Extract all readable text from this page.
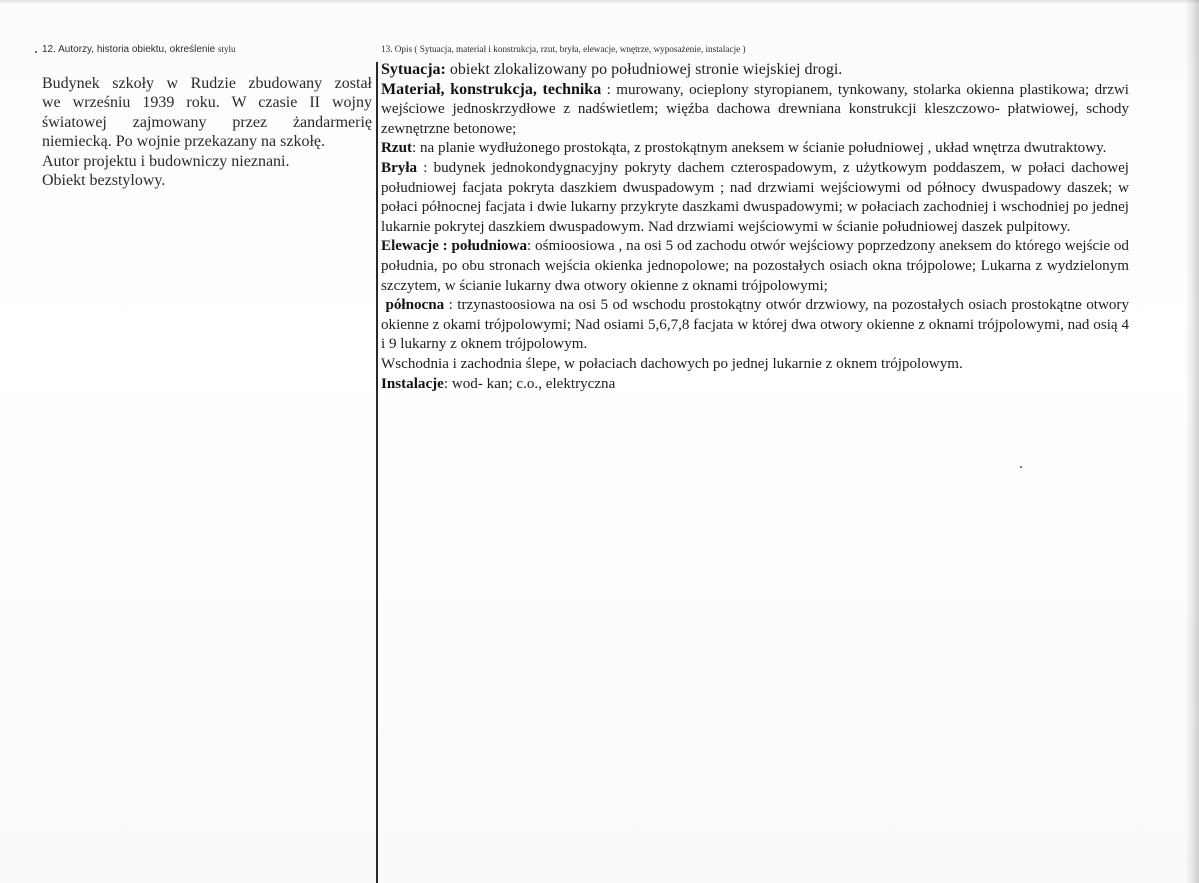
12. Autorzy, historia obiektu, określenie stylu
Budynek szkoły w Rudzie zbudowany został
we wrześniu 1939 roku. W czasie II wojny
światowej zajmowany przez żandarmerię

niemiecką. Po wojnie przekazany na szkołę.

Autor projektu i budowniczy nieznani.

Obiekt bezstylowy.

13. Opis ( Sytuacja, materiał i konstrukcja, rzut, bryła, elewacje, wnętrze, wyposażenie, instalacje )

Sytuacja: obiekt zlokalizowany po południowej stronie wiejskiej drogi.

Materiał, konstrukcja, technika : murowany, ocieplony styropianem, tynkowany, stolarka okienna plastikowa; drzwi wejściowe jednoskrzydłowe z nadświetlem; więźba dachowa drewniana konstrukcji kleszczowo- płatwiowej, schody zewnętrzne betonowe;

Rzut: na planie wydłużonego prostokąta, z prostokątnym aneksem w ścianie południowej , układ wnętrza dwutraktowy.

Bryła : budynek jednokondygnacyjny pokryty dachem czterospadowym, z użytkowym poddaszem, w połaci dachowej południowej facjata pokryta daszkiem dwuspadowym ; nad drzwiami wejściowymi od północy dwuspadowy daszek; w połaci północnej facjata i dwie lukarny przykryte daszkami dwuspadowymi; w połaciach zachodniej i wschodniej po jednej lukarnie pokrytej daszkiem dwuspadowym. Nad drzwiami wejściowymi w ścianie południowej daszek pulpitowy.

Elewacje : południowa: ośmioosiowa , na osi 5 od zachodu otwór wejściowy poprzedzony aneksem do którego wejście od południa, po obu stronach wejścia okienka jednopolowe; na pozostałych osiach okna trójpolowe; Lukarna z wydzielonym szczytem, w ścianie lukarny dwa otwory okienne z oknami trójpolowymi;

północna : trzynastoosiowa na osi 5 od wschodu prostokątny otwór drzwiowy, na pozostałych osiach prostokątne otwory okienne z okami trójpolowymi; Nad osiami 5,6,7,8 facjata w której dwa otwory okienne z oknami trójpolowymi, nad osią 4 i 9 lukarny z oknem trójpolowym.

Wschodnia i zachodnia ślepe, w połaciach dachowych po jednej lukarnie z oknem trójpolowym.

Instalacje: wod- kan; c.o., elektryczna
